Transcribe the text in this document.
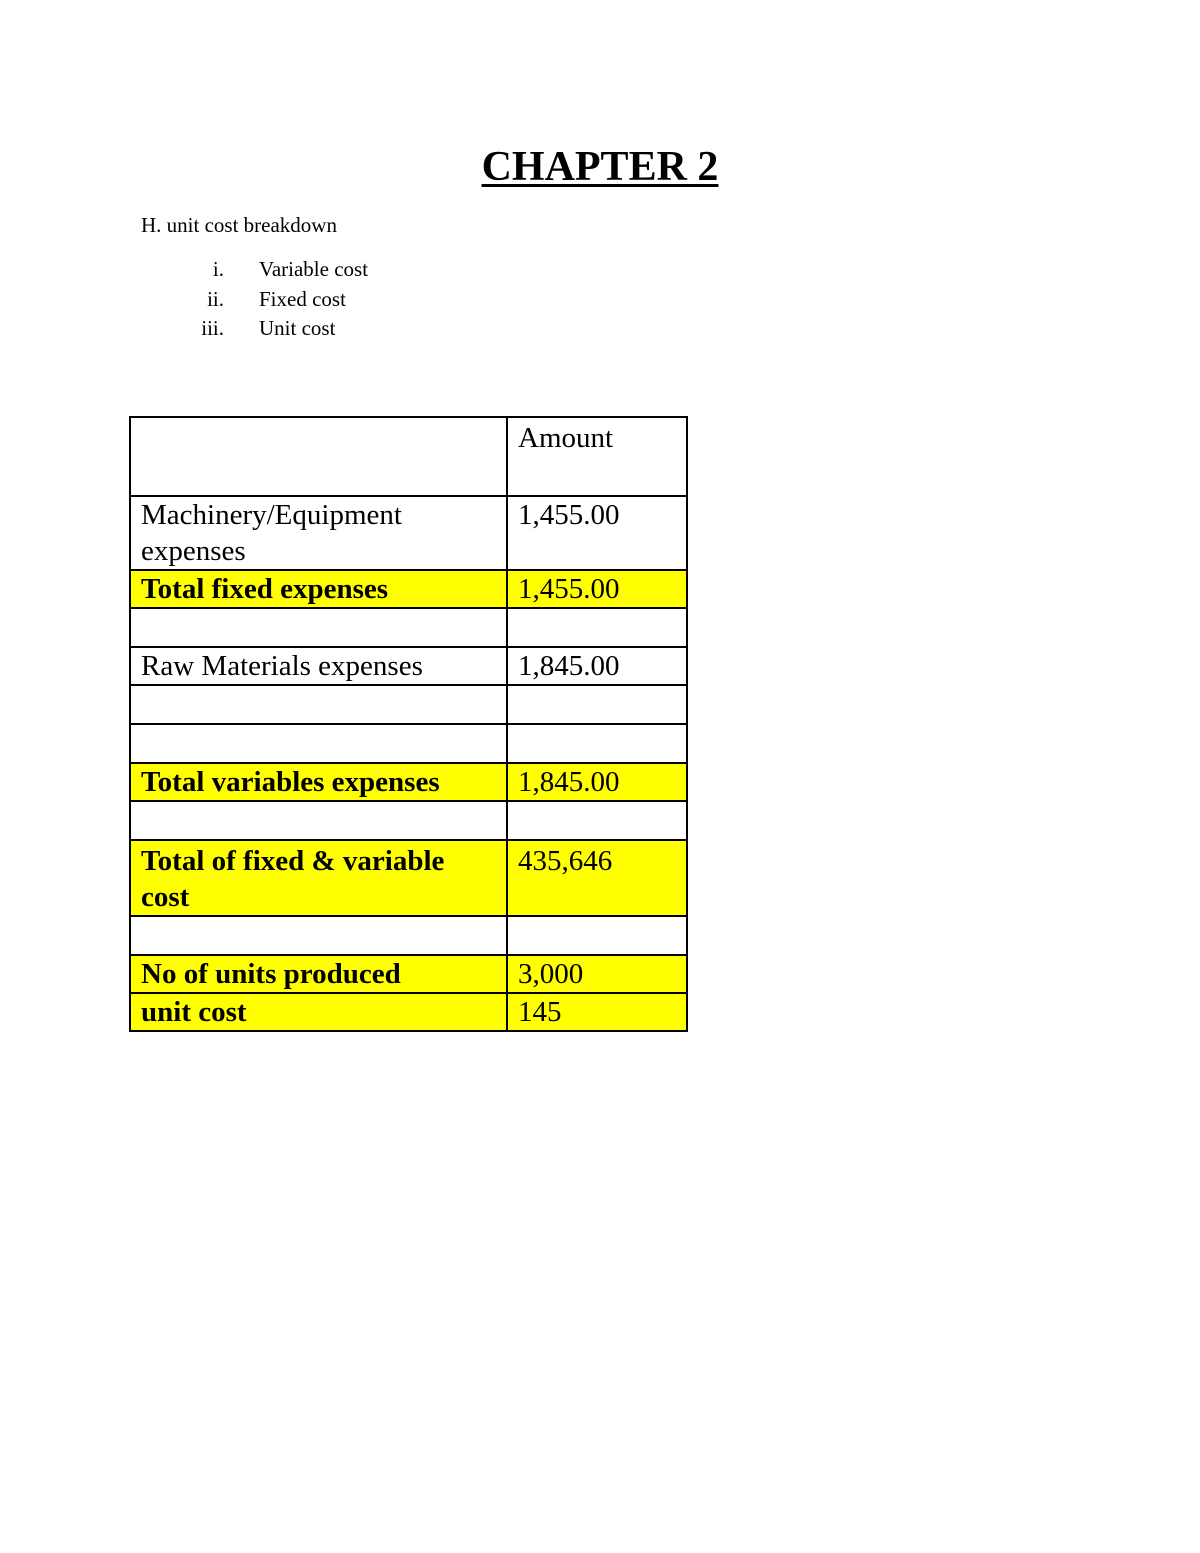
CHAPTER 2
H. unit cost breakdown
i. Variable cost
ii. Fixed cost
iii. Unit cost
	Amount
Machinery/Equipment expenses	1,455.00
Total fixed expenses	1,455.00

Raw Materials expenses	1,845.00

Total variables expenses	1,845.00

Total of fixed & variable cost	435,646

No of units produced	3,000
unit cost	145
